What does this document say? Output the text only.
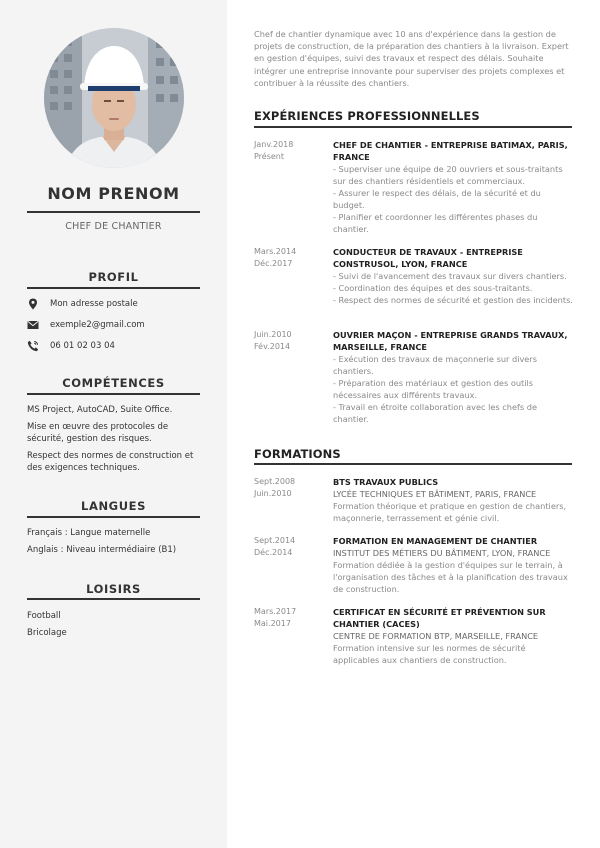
NOM PRENOM
CHEF DE CHANTIER
PROFIL
Mon adresse postale
exemple2@gmail.com
06 01 02 03 04
COMPÉTENCES
MS Project, AutoCAD, Suite Office.
Mise en œuvre des protocoles de sécurité, gestion des risques.
Respect des normes de construction et des exigences techniques.
LANGUES
Français : Langue maternelle
Anglais : Niveau intermédiaire (B1)
LOISIRS
Football
Bricolage
Chef de chantier dynamique avec 10 ans d'expérience dans la gestion de projets de construction, de la préparation des chantiers à la livraison. Expert en gestion d'équipes, suivi des travaux et respect des délais. Souhaite intégrer une entreprise innovante pour superviser des projets complexes et contribuer à la réussite des chantiers.
EXPÉRIENCES PROFESSIONNELLES
Janv.2018
Présent
CHEF DE CHANTIER - ENTREPRISE BATIMAX, PARIS, FRANCE
- Superviser une équipe de 20 ouvriers et sous-traitants sur des chantiers résidentiels et commerciaux.
- Assurer le respect des délais, de la sécurité et du budget.
- Planifier et coordonner les différentes phases du chantier.
Mars.2014
Déc.2017
CONDUCTEUR DE TRAVAUX - ENTREPRISE CONSTRUSOL, LYON, FRANCE
- Suivi de l'avancement des travaux sur divers chantiers.
- Coordination des équipes et des sous-traitants.
- Respect des normes de sécurité et gestion des incidents.
Juin.2010
Fév.2014
OUVRIER MAÇON - ENTREPRISE GRANDS TRAVAUX, MARSEILLE, FRANCE
- Exécution des travaux de maçonnerie sur divers chantiers.
- Préparation des matériaux et gestion des outils nécessaires aux différents travaux.
- Travail en étroite collaboration avec les chefs de chantier.
FORMATIONS
Sept.2008
Juin.2010
BTS TRAVAUX PUBLICS
LYCÉE TECHNIQUES ET BÂTIMENT, PARIS, FRANCE
Formation théorique et pratique en gestion de chantiers, maçonnerie, terrassement et génie civil.
Sept.2014
Déc.2014
FORMATION EN MANAGEMENT DE CHANTIER
INSTITUT DES MÉTIERS DU BÂTIMENT, LYON, FRANCE
Formation dédiée à la gestion d'équipes sur le terrain, à l'organisation des tâches et à la planification des travaux de construction.
Mars.2017
Mai.2017
CERTIFICAT EN SÉCURITÉ ET PRÉVENTION SUR CHANTIER (CACES)
CENTRE DE FORMATION BTP, MARSEILLE, FRANCE
Formation intensive sur les normes de sécurité applicables aux chantiers de construction.
